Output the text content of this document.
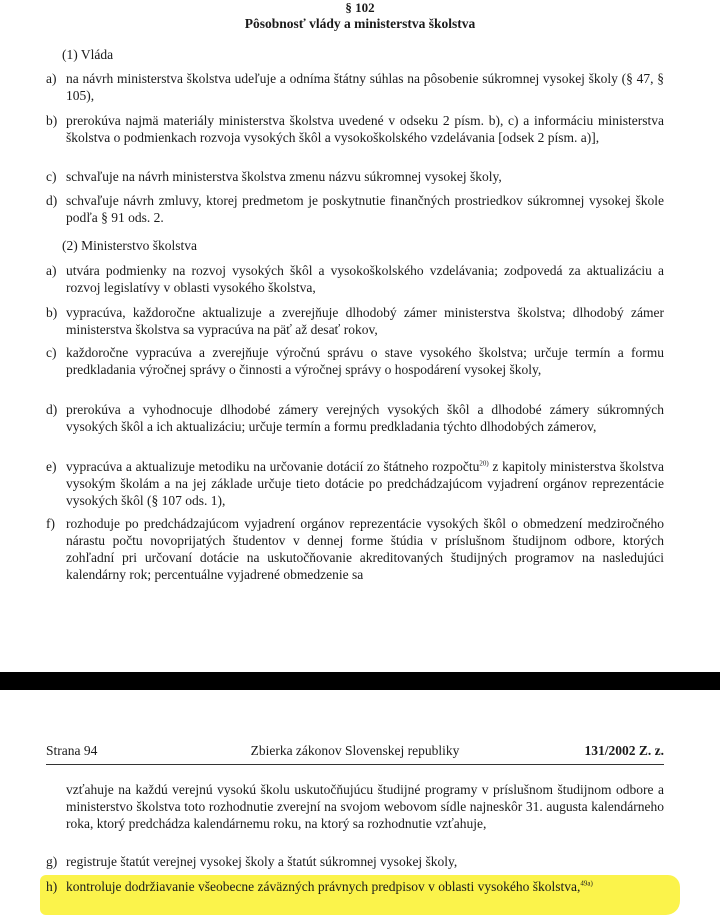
§ 102
Pôsobnosť vlády a ministerstva školstva
(1) Vláda
a) na návrh ministerstva školstva udeľuje a odníma štátny súhlas na pôsobenie súkromnej vysokej školy (§ 47, § 105),
b) prerokúva najmä materiály ministerstva školstva uvedené v odseku 2 písm. b), c) a informáciu ministerstva školstva o podmienkach rozvoja vysokých škôl a vysokoškolského vzdelávania [odsek 2 písm. a)],
c) schvaľuje na návrh ministerstva školstva zmenu názvu súkromnej vysokej školy,
d) schvaľuje návrh zmluvy, ktorej predmetom je poskytnutie finančných prostriedkov súkromnej vysokej škole podľa § 91 ods. 2.
(2) Ministerstvo školstva
a) utvára podmienky na rozvoj vysokých škôl a vysokoškolského vzdelávania; zodpovedá za aktualizáciu a rozvoj legislatívy v oblasti vysokého školstva,
b) vypracúva, každoročne aktualizuje a zverejňuje dlhodobý zámer ministerstva školstva; dlhodobý zámer ministerstva školstva sa vypracúva na päť až desať rokov,
c) každoročne vypracúva a zverejňuje výročnú správu o stave vysokého školstva; určuje termín a formu predkladania výročnej správy o činnosti a výročnej správy o hospodárení vysokej školy,
d) prerokúva a vyhodnocuje dlhodobé zámery verejných vysokých škôl a dlhodobé zámery súkromných vysokých škôl a ich aktualizáciu; určuje termín a formu predkladania týchto dlhodobých zámerov,
e) vypracúva a aktualizuje metodiku na určovanie dotácií zo štátneho rozpočtu$^{20)}$ z kapitoly ministerstva školstva vysokým školám a na jej základe určuje tieto dotácie po predchádzajúcom vyjadrení orgánov reprezentácie vysokých škôl (§ 107 ods. 1),
f) rozhoduje po predchádzajúcom vyjadrení orgánov reprezentácie vysokých škôl o obmedzení medziročného nárastu počtu novoprijatých študentov v dennej forme štúdia v príslušnom študijnom odbore, ktorých zohľadní pri určovaní dotácie na uskutočňovanie akreditovaných študijných programov na nasledujúci kalendárny rok; percentuálne vyjadrené obmedzenie sa
Strana 94	Zbierka zákonov Slovenskej republiky	131/2002 Z. z.
vzťahuje na každú verejnú vysokú školu uskutočňujúcu študijné programy v príslušnom študijnom odbore a ministerstvo školstva toto rozhodnutie zverejní na svojom webovom sídle najneskôr 31. augusta kalendárneho roka, ktorý predchádza kalendárnemu roku, na ktorý sa rozhodnutie vzťahuje,
g) registruje štatút verejnej vysokej školy a štatút súkromnej vysokej školy,
h) kontroluje dodržiavanie všeobecne záväzných právnych predpisov v oblasti vysokého školstva,$^{49a)}$
